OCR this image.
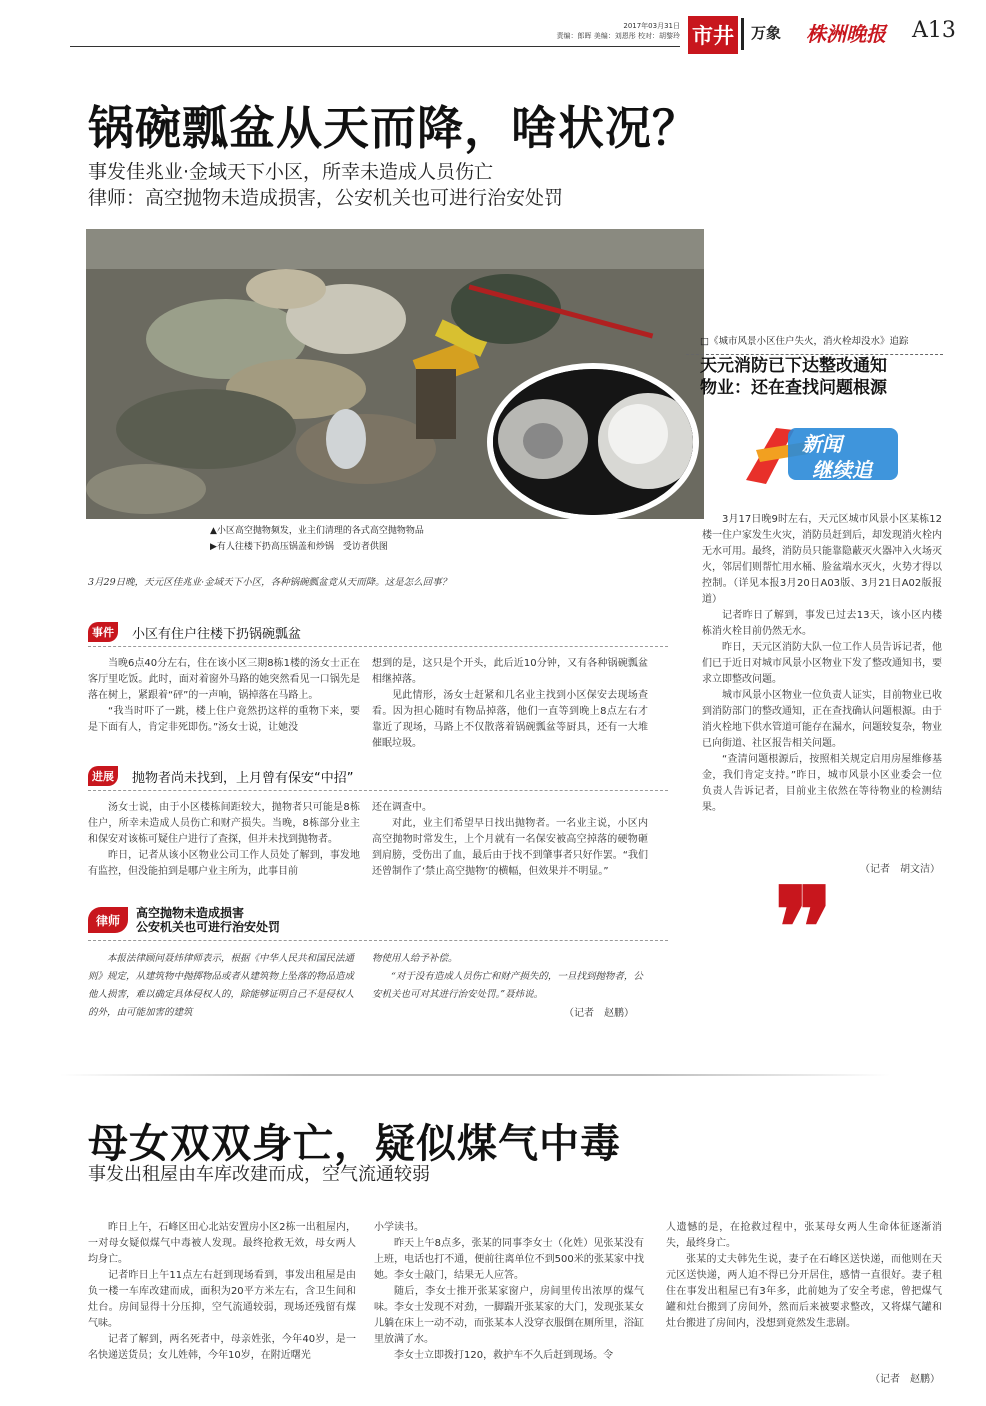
2017年03月31日
责编：郎晖 美编：刘恩彤 校对：胡黎玲 市井 万象 株洲晚报 A13
锅碗瓢盆从天而降，啥状况？
事发佳兆业·金域天下小区，所幸未造成人员伤亡
律师：高空抛物未造成损害，公安机关也可进行治安处罚
▲小区高空抛物频发，业主们清理的各式高空抛物物品
▶有人往楼下扔高压锅盖和炒锅　受访者供图
3月29日晚，天元区佳兆业·金域天下小区，各种锅碗瓢盆竟从天而降。这是怎么回事？
事件	小区有住户往楼下扔锅碗瓢盆

当晚6点40分左右，住在该小区三期8栋1楼的汤女士正在客厅里吃饭。此时，面对着窗外马路的她突然看见一口锅先是落在树上，紧跟着“砰”的一声响，锅掉落在马路上。

“我当时吓了一跳，楼上住户竟然扔这样的重物下来，要是下面有人，肯定非死即伤。”汤女士说，让她没

想到的是，这只是个开头，此后近10分钟，又有各种锅碗瓢盆相继掉落。

见此情形，汤女士赶紧和几名业主找到小区保安去现场查看。因为担心随时有物品掉落，他们一直等到晚上8点左右才靠近了现场，马路上不仅散落着锅碗瓢盆等厨具，还有一大堆催眠垃圾。

进展	抛物者尚未找到，上月曾有保安“中招”

汤女士说，由于小区楼栋间距较大，抛物者只可能是8栋住户，所幸未造成人员伤亡和财产损失。当晚，8栋部分业主和保安对该栋可疑住户进行了查探，但并未找到抛物者。

昨日，记者从该小区物业公司工作人员处了解到，事发地有监控，但没能拍到是哪户业主所为，此事目前

还在调查中。

对此，业主们希望早日找出抛物者。一名业主说，小区内高空抛物时常发生，上个月就有一名保安被高空掉落的硬物砸到肩膀，受伤出了血，最后由于找不到肇事者只好作罢。“我们还曾制作了‘禁止高空抛物’的横幅，但效果并不明显。”

律师
高空抛物未造成损害
公安机关也可进行治安处罚

本报法律顾问聂炜律师表示，根据《中华人民共和国民法通则》规定，从建筑物中抛掷物品或者从建筑物上坠落的物品造成他人损害，难以确定具体侵权人的，除能够证明自己不是侵权人的外，由可能加害的建筑

物使用人给予补偿。

“对于没有造成人员伤亡和财产损失的，一旦找到抛物者，公安机关也可对其进行治安处罚。”聂炜说。

（记者　赵鹏）
□《城市风景小区住户失火，消火栓却没水》追踪
天元消防已下达整改通知
物业：还在查找问题根源
新闻
继续追

3月17日晚9时左右，天元区城市风景小区某栋12楼一住户家发生火灾，消防员赶到后，却发现消火栓内无水可用。最终，消防员只能靠隐蔽灭火器冲入火场灭火，邻居们则帮忙用水桶、脸盆端水灭火，火势才得以控制。（详见本报3月20日A03版、3月21日A02版报道）

记者昨日了解到，事发已过去13天，该小区内楼栋消火栓目前仍然无水。

昨日，天元区消防大队一位工作人员告诉记者，他们已于近日对城市风景小区物业下发了整改通知书，要求立即整改问题。

城市风景小区物业一位负责人证实，目前物业已收到消防部门的整改通知，正在查找确认问题根源。由于消火栓地下供水管道可能存在漏水，问题较复杂，物业已向街道、社区报告相关问题。

“查清问题根源后，按照相关规定启用房屋维修基金，我们肯定支持。”昨日，城市风景小区业委会一位负责人告诉记者，目前业主依然在等待物业的检测结果。

（记者　胡文洁）
❞
母女双双身亡，疑似煤气中毒
事发出租屋由车库改建而成，空气流通较弱

昨日上午，石峰区田心北站安置房小区2栋一出租屋内，一对母女疑似煤气中毒被人发现。最终抢救无效，母女两人均身亡。

记者昨日上午11点左右赶到现场看到，事发出租屋是由负一楼一车库改建而成，面积为20平方米左右，含卫生间和灶台。房间显得十分压抑，空气流通较弱，现场还残留有煤气味。

记者了解到，两名死者中，母亲姓张，今年40岁，是一名快递送货员；女儿姓韩，今年10岁，在附近曙光

小学读书。

昨天上午8点多，张某的同事李女士（化姓）见张某没有上班，电话也打不通，便前往离单位不到500米的张某家中找她。李女士敲门，结果无人应答。

随后，李女士推开张某家窗户，房间里传出浓厚的煤气味。李女士发现不对劲，一脚踹开张某家的大门，发现张某女儿躺在床上一动不动，而张某本人没穿衣服倒在厕所里，浴缸里放满了水。

李女士立即拨打120，救护车不久后赶到现场。令

人遗憾的是，在抢救过程中，张某母女两人生命体征逐渐消失，最终身亡。

张某的丈夫韩先生说，妻子在石峰区送快递，而他则在天元区送快递，两人迫不得已分开居住，感情一直很好。妻子租住在事发出租屋已有3年多，此前她为了安全考虑，曾把煤气罐和灶台搬到了房间外，然而后来被要求整改，又将煤气罐和灶台搬进了房间内，没想到竟然发生悲剧。

（记者　赵鹏）
